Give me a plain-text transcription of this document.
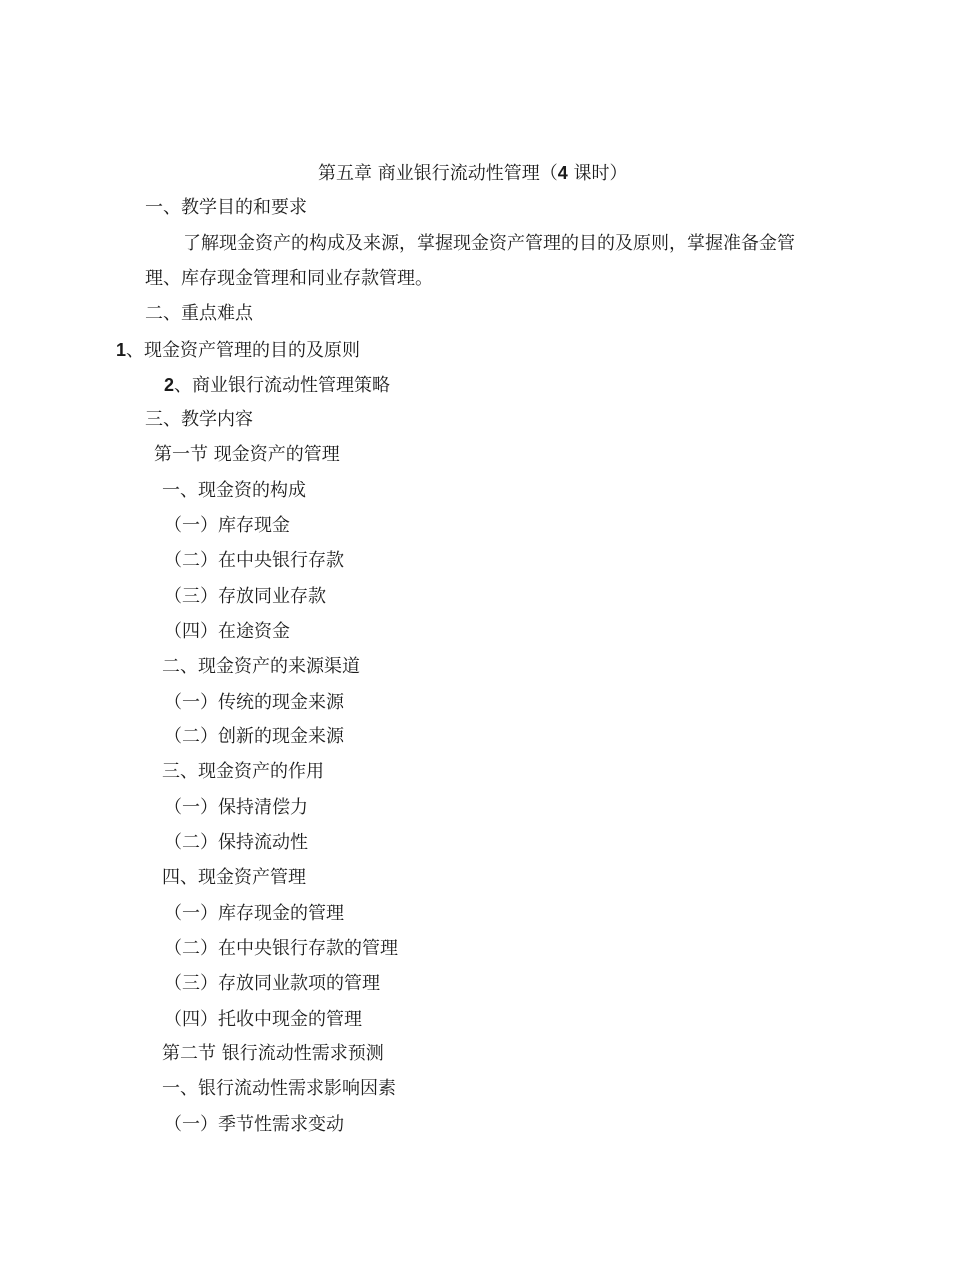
第五章 商业银行流动性管理（4 课时）
一、教学目的和要求
了解现金资产的构成及来源，掌握现金资产管理的目的及原则，掌握准备金管
理、库存现金管理和同业存款管理。
二、重点难点
1、现金资产管理的目的及原则
2、商业银行流动性管理策略
三、教学内容
第一节 现金资产的管理
一、现金资的构成
（一）库存现金
（二）在中央银行存款
（三）存放同业存款
（四）在途资金
二、现金资产的来源渠道
（一）传统的现金来源
（二）创新的现金来源
三、现金资产的作用
（一）保持清偿力
（二）保持流动性
四、现金资产管理
（一）库存现金的管理
（二）在中央银行存款的管理
（三）存放同业款项的管理
（四）托收中现金的管理
第二节 银行流动性需求预测
一、银行流动性需求影响因素
（一）季节性需求变动
